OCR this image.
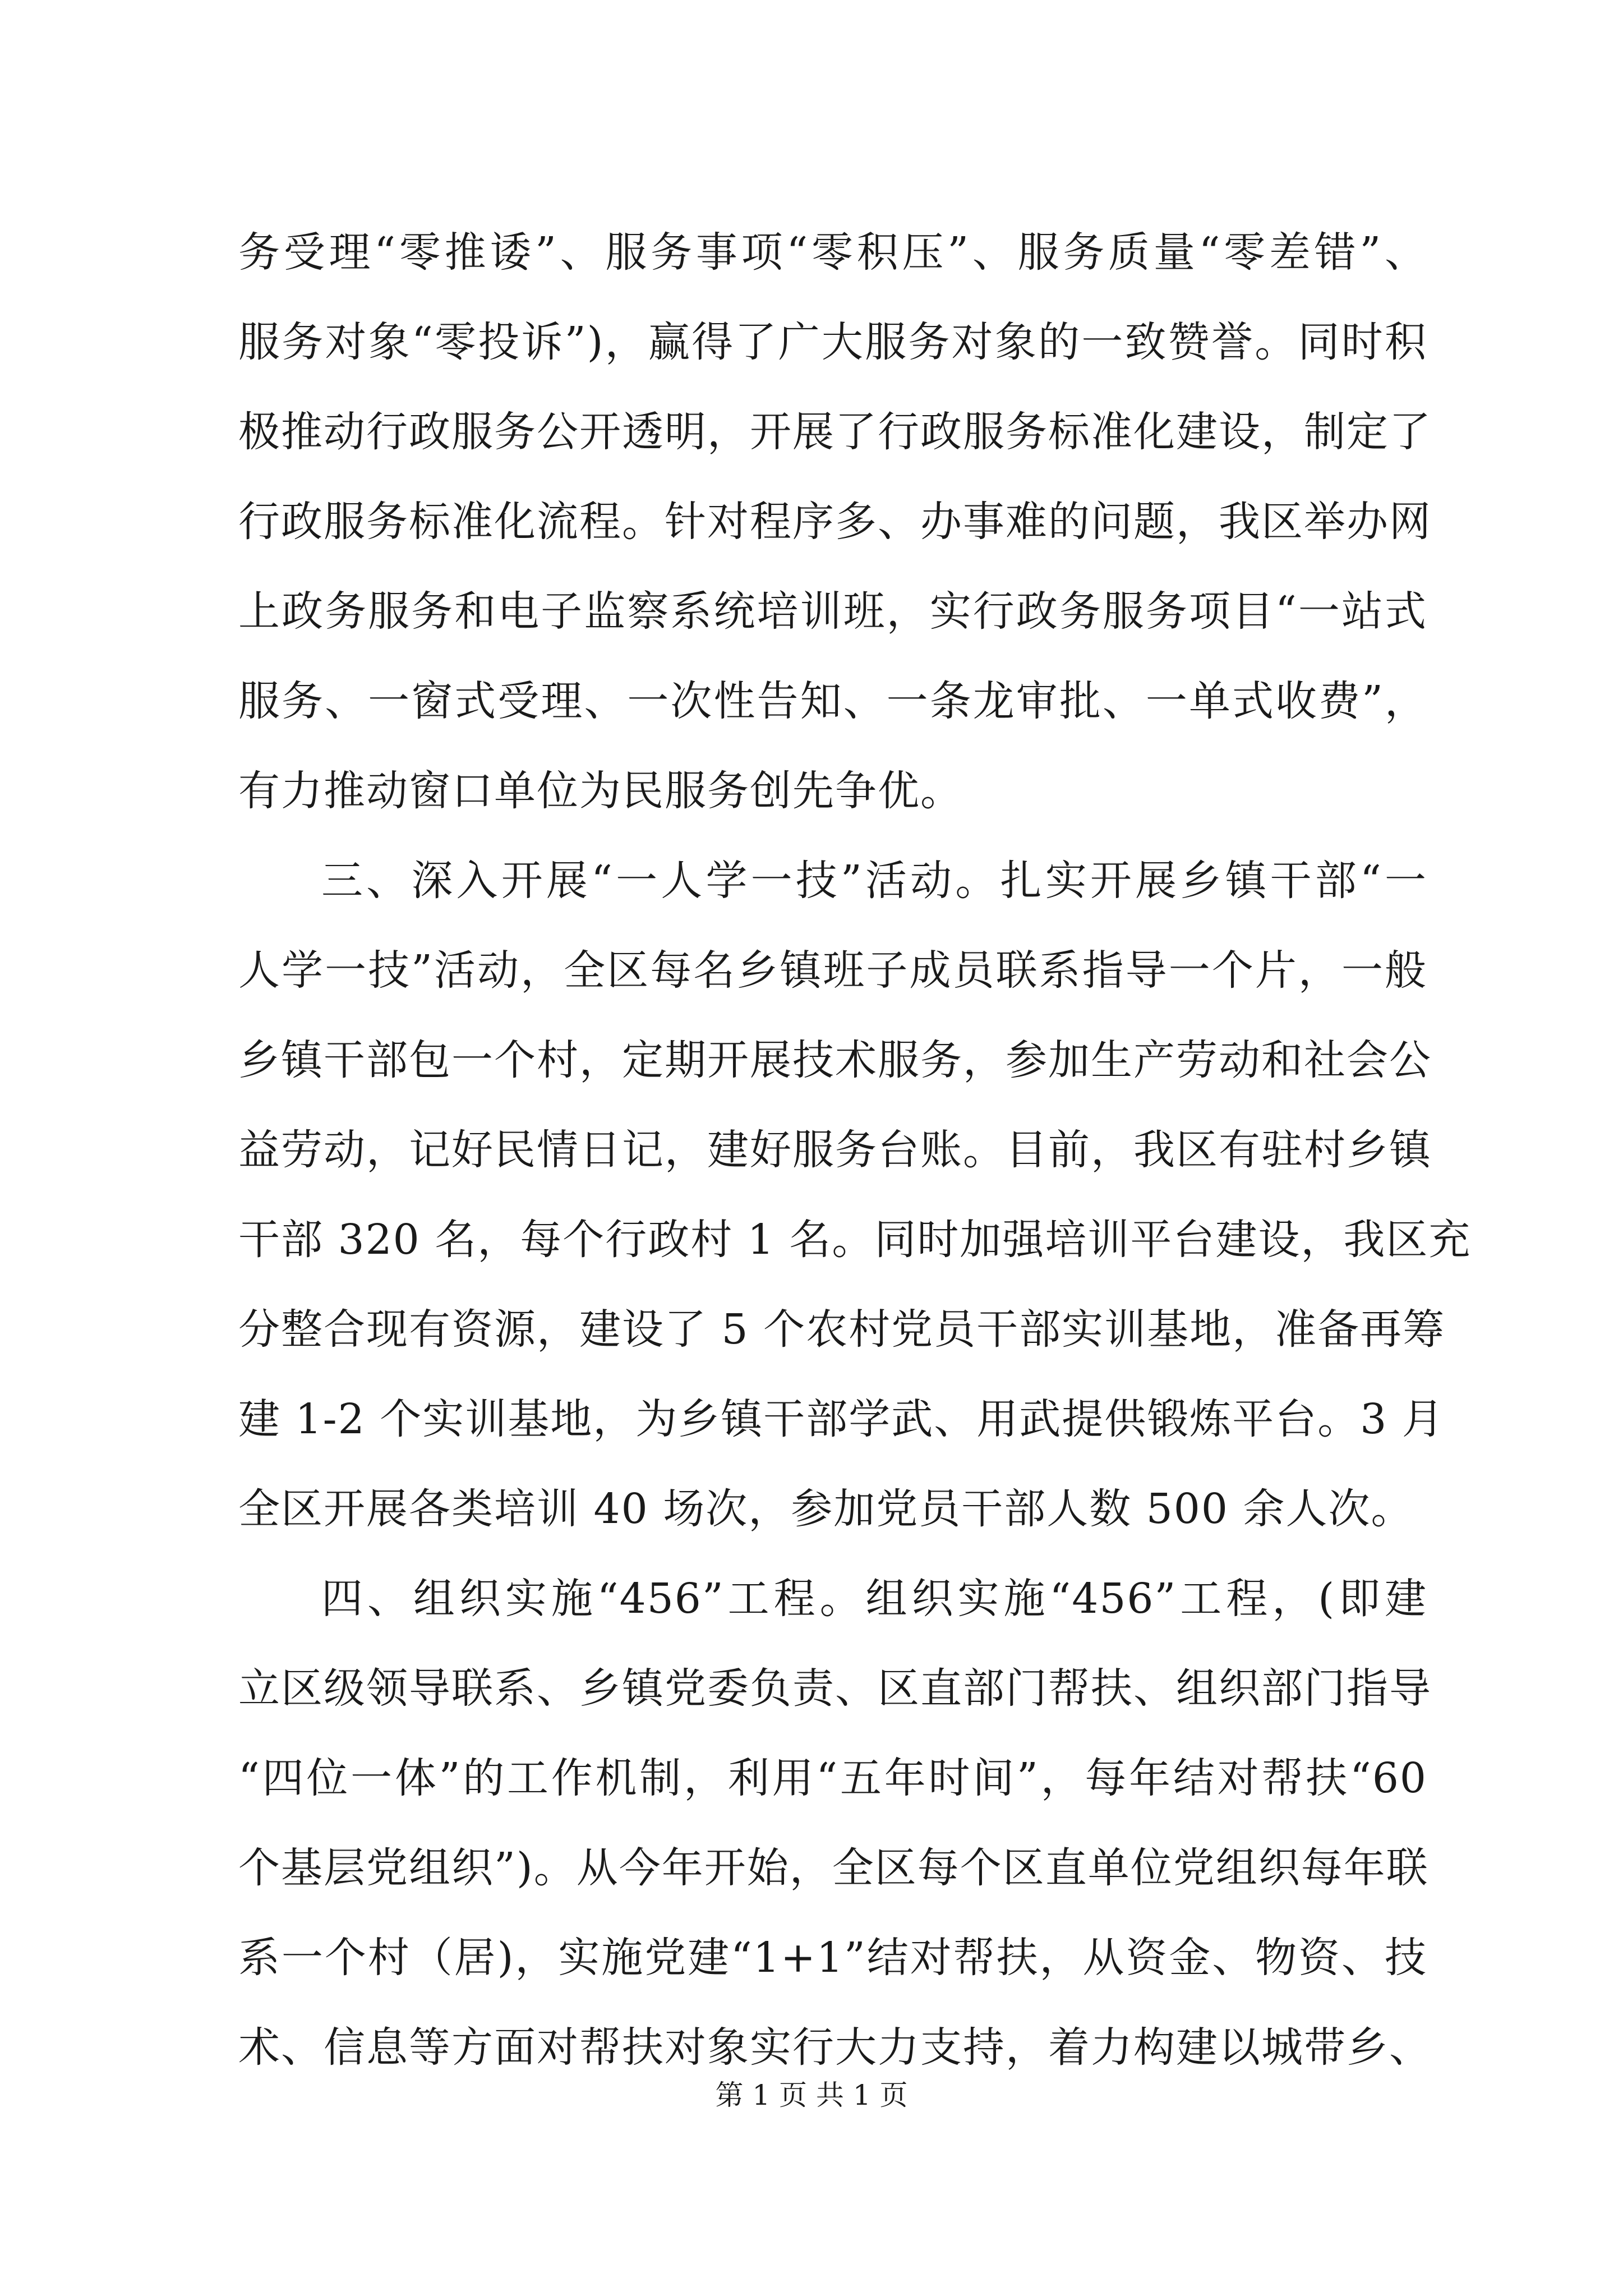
务受理“零推诿”、服务事项“零积压”、服务质量“零差错”、
服务对象“零投诉”)，赢得了广大服务对象的一致赞誉。同时积
极推动行政服务公开透明，开展了行政服务标准化建设，制定了
行政服务标准化流程。针对程序多、办事难的问题，我区举办网
上政务服务和电子监察系统培训班，实行政务服务项目“一站式
服务、一窗式受理、一次性告知、一条龙审批、一单式收费”，
有力推动窗口单位为民服务创先争优。
三、深入开展“一人学一技”活动。扎实开展乡镇干部“一
人学一技”活动，全区每名乡镇班子成员联系指导一个片，一般
乡镇干部包一个村，定期开展技术服务，参加生产劳动和社会公
益劳动，记好民情日记，建好服务台账。目前，我区有驻村乡镇
干部 320 名，每个行政村 1 名。同时加强培训平台建设，我区充
分整合现有资源，建设了 5 个农村党员干部实训基地，准备再筹
建 1-2 个实训基地，为乡镇干部学武、用武提供锻炼平台。3 月
全区开展各类培训 40 场次，参加党员干部人数 500 余人次。
四、组织实施“456”工程。组织实施“456”工程，(即建
立区级领导联系、乡镇党委负责、区直部门帮扶、组织部门指导
“四位一体”的工作机制，利用“五年时间”，每年结对帮扶“60
个基层党组织”)。从今年开始，全区每个区直单位党组织每年联
系一个村（居)，实施党建“1+1”结对帮扶，从资金、物资、技
术、信息等方面对帮扶对象实行大力支持，着力构建以城带乡、
第 1 页 共 1 页
